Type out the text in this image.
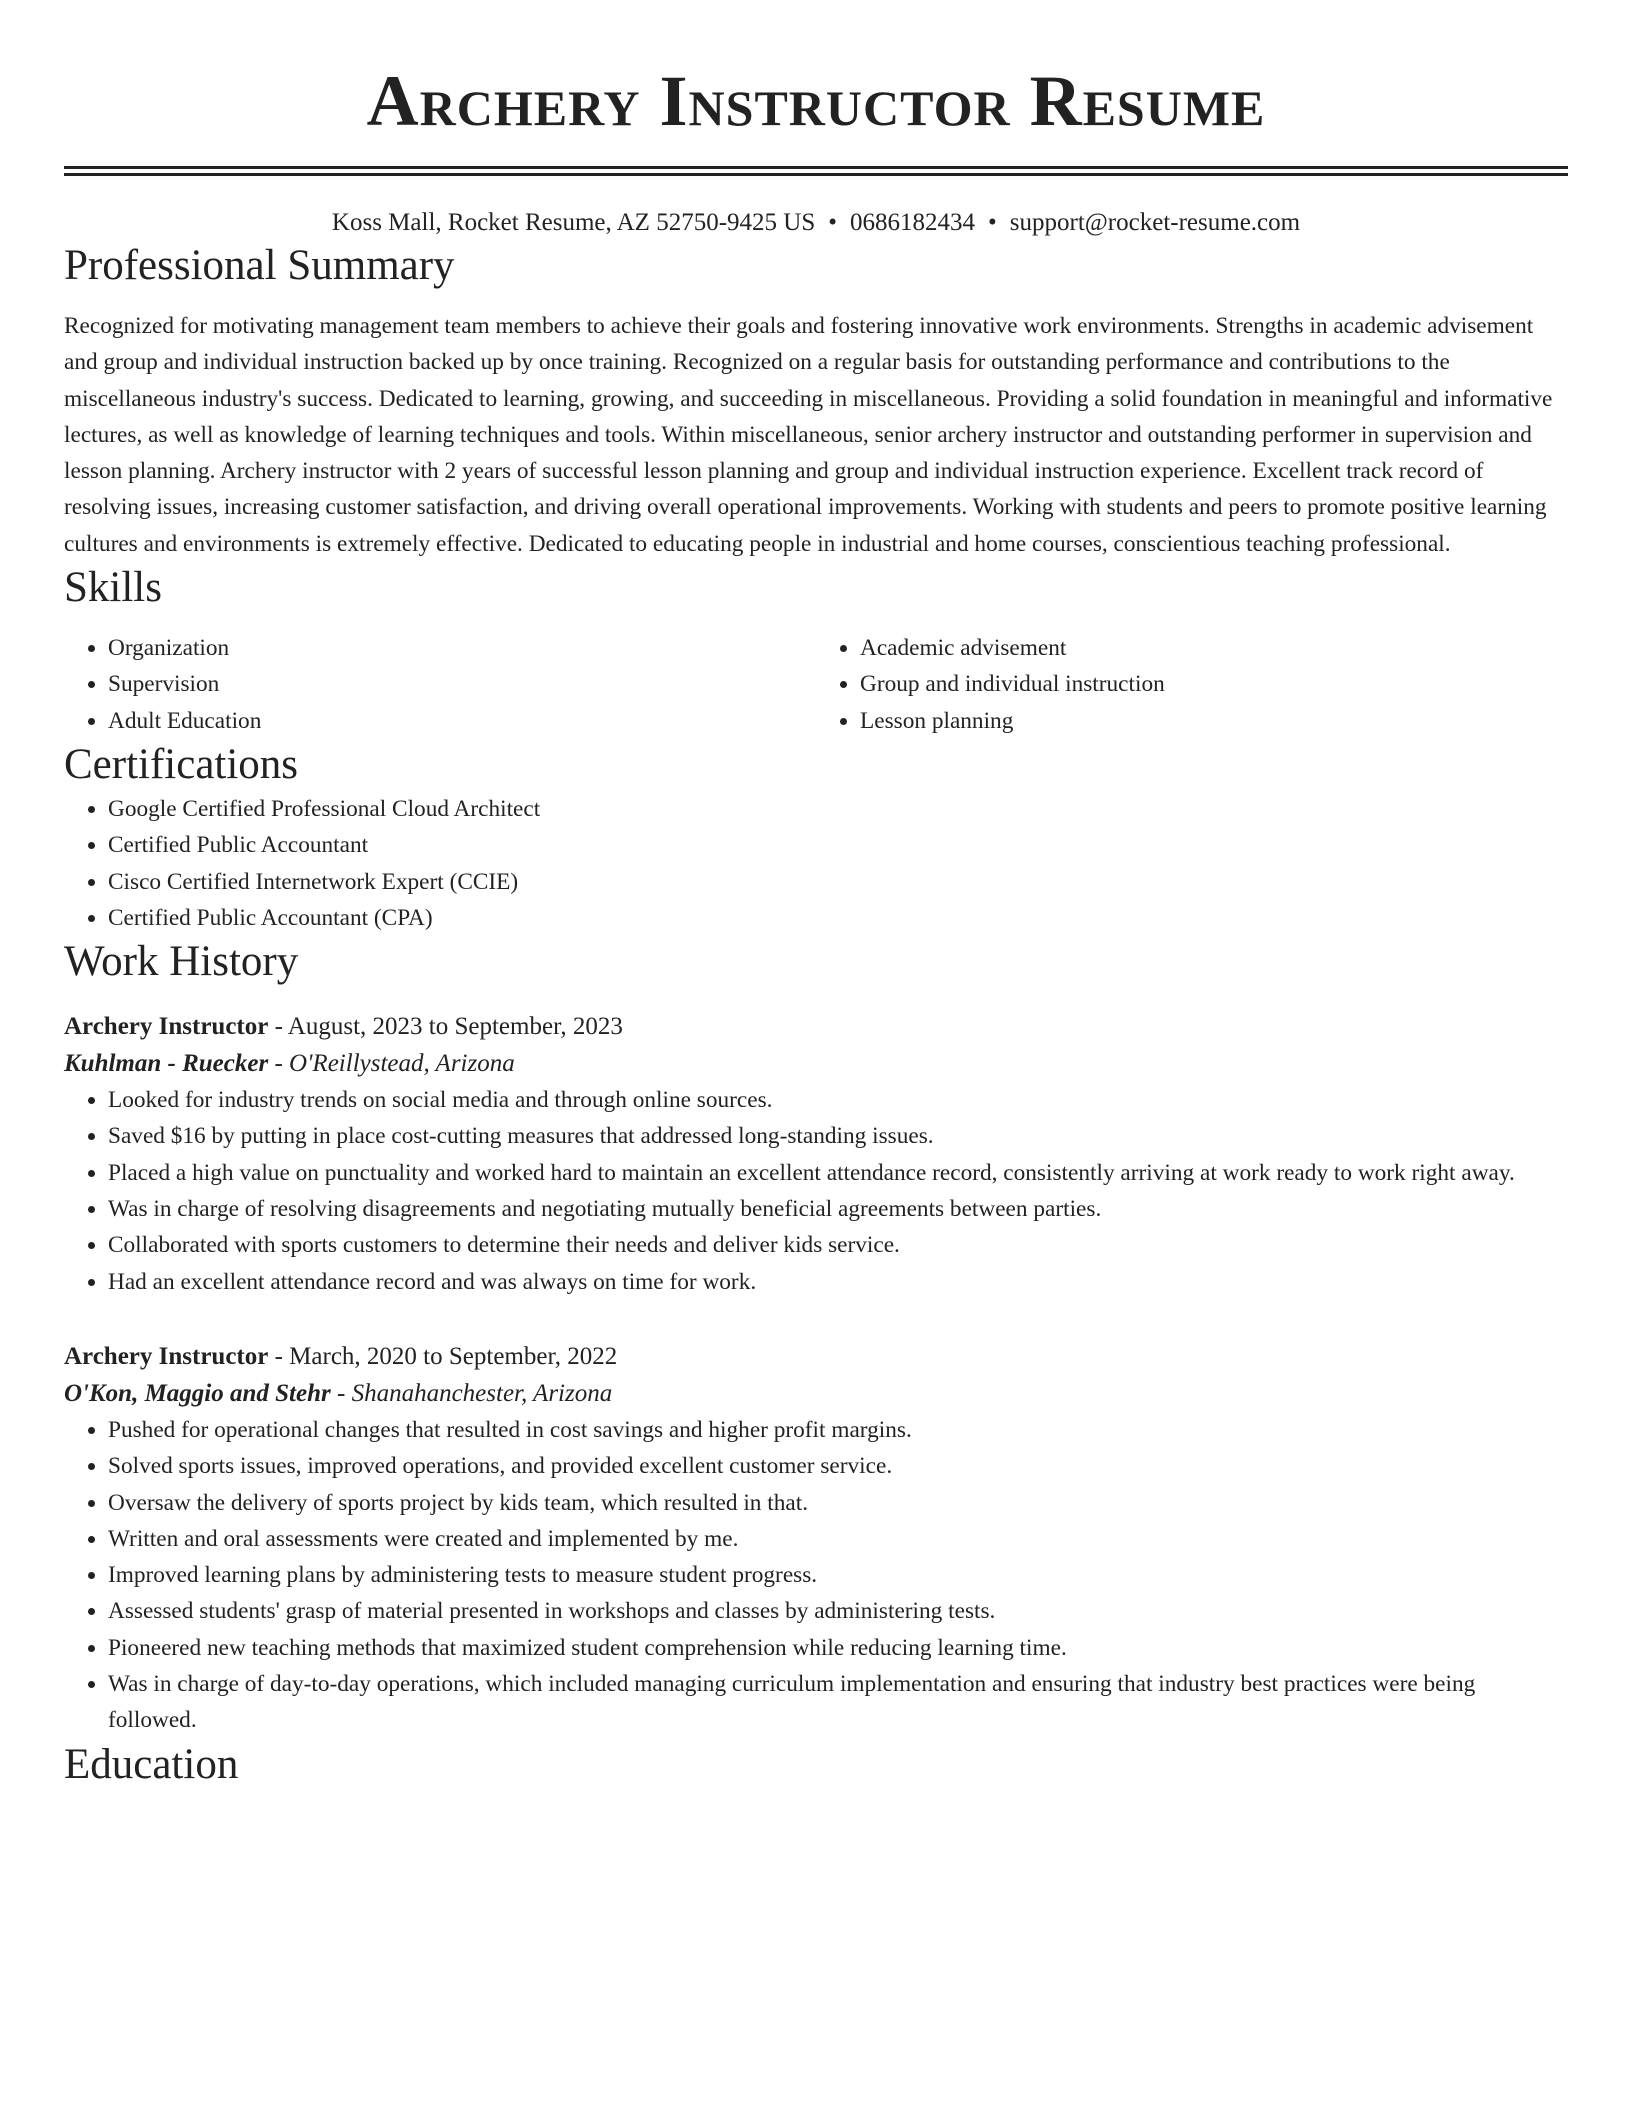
Archery Instructor Resume
Koss Mall, Rocket Resume, AZ 52750-9425 US • 0686182434 • support@rocket-resume.com
Professional Summary

Recognized for motivating management team members to achieve their goals and fostering innovative work environments. Strengths in academic advisement and group and individual instruction backed up by once training. Recognized on a regular basis for outstanding performance and contributions to the miscellaneous industry's success. Dedicated to learning, growing, and succeeding in miscellaneous. Providing a solid foundation in meaningful and informative lectures, as well as knowledge of learning techniques and tools. Within miscellaneous, senior archery instructor and outstanding performer in supervision and lesson planning. Archery instructor with 2 years of successful lesson planning and group and individual instruction experience. Excellent track record of resolving issues, increasing customer satisfaction, and driving overall operational improvements. Working with students and peers to promote positive learning cultures and environments is extremely effective. Dedicated to educating people in industrial and home courses, conscientious teaching professional.

Skills
• Organization
• Supervision
• Adult Education
• Academic advisement
• Group and individual instruction
• Lesson planning
Certifications
• Google Certified Professional Cloud Architect
• Certified Public Accountant
• Cisco Certified Internetwork Expert (CCIE)
• Certified Public Accountant (CPA)
Work History
Archery Instructor - August, 2023 to September, 2023
Kuhlman - Ruecker - O'Reillystead, Arizona
• Looked for industry trends on social media and through online sources.
• Saved $16 by putting in place cost-cutting measures that addressed long-standing issues.
• Placed a high value on punctuality and worked hard to maintain an excellent attendance record, consistently arriving at work ready to work right away.
• Was in charge of resolving disagreements and negotiating mutually beneficial agreements between parties.
• Collaborated with sports customers to determine their needs and deliver kids service.
• Had an excellent attendance record and was always on time for work.
Archery Instructor - March, 2020 to September, 2022
O'Kon, Maggio and Stehr - Shanahanchester, Arizona
• Pushed for operational changes that resulted in cost savings and higher profit margins.
• Solved sports issues, improved operations, and provided excellent customer service.
• Oversaw the delivery of sports project by kids team, which resulted in that.
• Written and oral assessments were created and implemented by me.
• Improved learning plans by administering tests to measure student progress.
• Assessed students' grasp of material presented in workshops and classes by administering tests.
• Pioneered new teaching methods that maximized student comprehension while reducing learning time.
• Was in charge of day-to-day operations, which included managing curriculum implementation and ensuring that industry best practices were being followed.
Education
